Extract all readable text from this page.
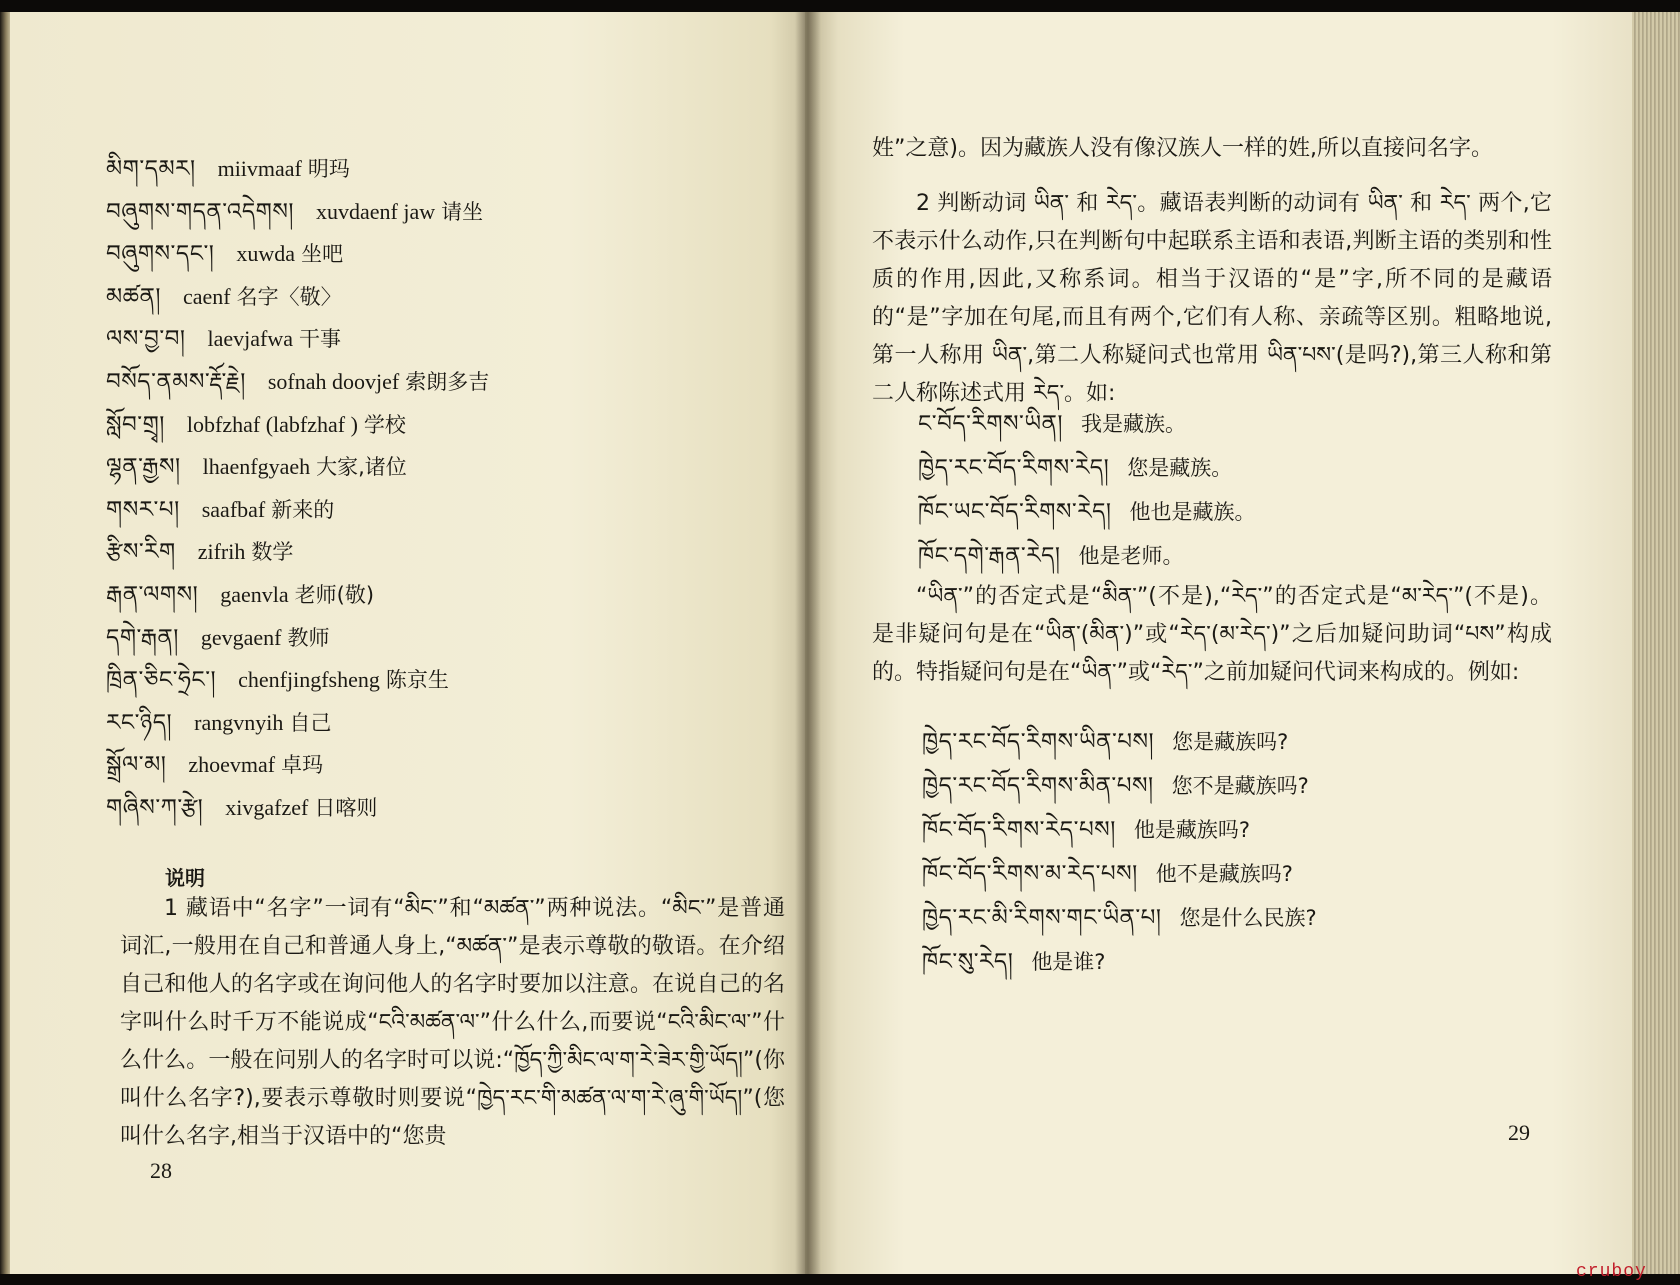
མིག་དམར། miivmaaf 明玛
བཞུགས་གདན་འདེགས། xuvdaenf jaw 请坐
བཞུགས་དང་། xuwda 坐吧
མཚན། caenf 名字〈敬〉
ལས་བྱ་བ། laevjafwa 干事
བསོད་ནམས་རྡོ་རྗེ། sofnah doovjef 索朗多吉
སློབ་གྲྭ། lobfzhaf (labfzhaf ) 学校
ལྷན་རྒྱས། lhaenfgyaeh 大家,诸位
གསར་པ། saafbaf 新来的
རྩིས་རིག zifrih 数学
རྒན་ལགས། gaenvla 老师(敬)
དགེ་རྒན། gevgaenf 教师
ཁྲིན་ཅིང་ཧྲེང་། chenfjingfsheng 陈京生
རང་ཉིད། rangvnyih 自己
སྒྲོལ་མ། zhoevmaf 卓玛
གཞིས་ཀ་རྩེ། xivgafzef 日喀则
说明
1 藏语中“名字”一词有“མིང་”和“མཚན་”两种说法。“མིང་”是普通词汇,一般用在自己和普通人身上,“མཚན་”是表示尊敬的敬语。在介绍自己和他人的名字或在询问他人的名字时要加以注意。在说自己的名字叫什么时千万不能说成“ངའི་མཚན་ལ་”什么什么,而要说“ངའི་མིང་ལ་”什么什么。一般在问别人的名字时可以说:“ཁྱོད་ཀྱི་མིང་ལ་ག་རེ་ཟེར་གྱི་ཡོད།”(你叫什么名字?),要表示尊敬时则要说“ཁྱེད་རང་གི་མཚན་ལ་ག་རེ་ཞུ་གི་ཡོད།”(您叫什么名字,相当于汉语中的“您贵
28
姓”之意)。因为藏族人没有像汉族人一样的姓,所以直接问名字。
2 判断动词 ཡིན་ 和 རེད་。藏语表判断的动词有 ཡིན་ 和 རེད་ 两个,它不表示什么动作,只在判断句中起联系主语和表语,判断主语的类别和性质的作用,因此,又称系词。相当于汉语的“是”字,所不同的是藏语的“是”字加在句尾,而且有两个,它们有人称、亲疏等区别。粗略地说,第一人称用 ཡིན་,第二人称疑问式也常用 ཡིན་པས་(是吗?),第三人称和第二人称陈述式用 རེད་。如:
ང་བོད་རིགས་ཡིན། 我是藏族。
ཁྱེད་རང་བོད་རིགས་རེད། 您是藏族。
ཁོང་ཡང་བོད་རིགས་རེད། 他也是藏族。
ཁོང་དགེ་རྒན་རེད། 他是老师。
“ཡིན་”的否定式是“མིན་”(不是),“རེད་”的否定式是“མ་རེད་”(不是)。是非疑问句是在“ཡིན་(མིན་)”或“རེད་(མ་རེད་)”之后加疑问助词“པས”构成的。特指疑问句是在“ཡིན་”或“རེད་”之前加疑问代词来构成的。例如:
ཁྱེད་རང་བོད་རིགས་ཡིན་པས། 您是藏族吗?
ཁྱེད་རང་བོད་རིགས་མིན་པས། 您不是藏族吗?
ཁོང་བོད་རིགས་རེད་པས། 他是藏族吗?
ཁོང་བོད་རིགས་མ་རེད་པས། 他不是藏族吗?
ཁྱེད་རང་མི་རིགས་གང་ཡིན་པ། 您是什么民族?
ཁོང་སུ་རེད། 他是谁?
29
cruboy
